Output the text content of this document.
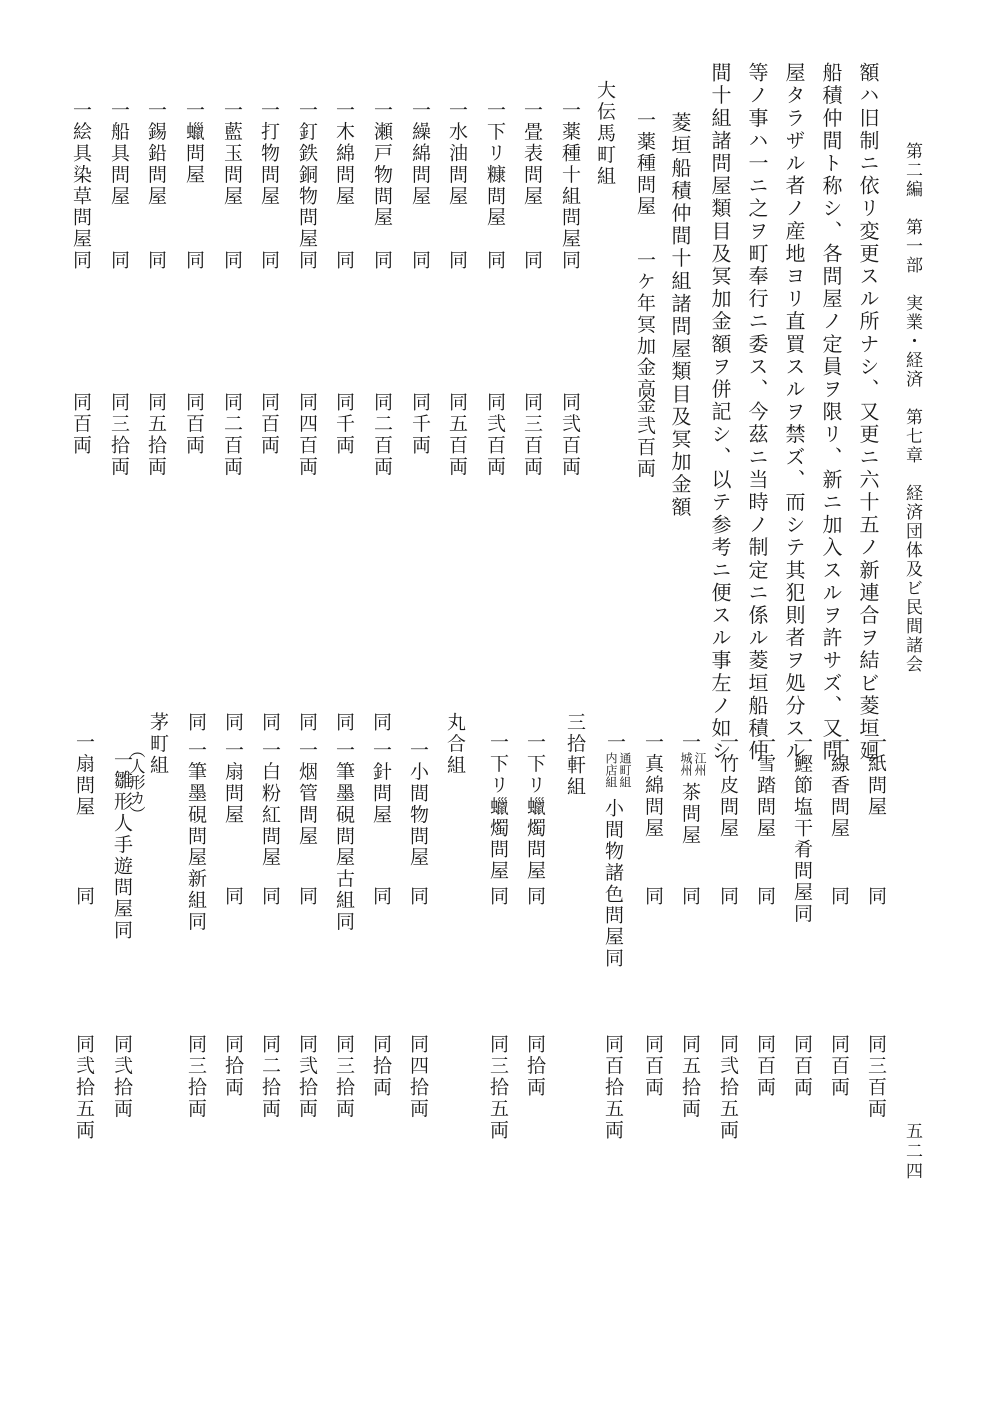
第二編　第一部　実業・経済　第七章　経済団体及ビ民間諸会
五二四
額ハ旧制ニ依リ変更スル所ナシ、又更ニ六十五ノ新連合ヲ結ビ菱垣廻
船積仲間ト称シ、各問屋ノ定員ヲ限リ、新ニ加入スルヲ許サズ、又問
屋タラザル者ノ産地ヨリ直買スルヲ禁ズ、而シテ其犯則者ヲ処分スル
等ノ事ハ一ニ之ヲ町奉行ニ委ス、今茲ニ当時ノ制定ニ係ル菱垣船積仲
間十組諸問屋類目及冥加金額ヲ併記シ、以テ参考ニ便スル事左ノ如シ
菱垣船積仲間十組諸問屋類目及冥加金額
一薬種問屋
一ケ年冥加金高
金弐百両
大伝馬町組
一薬種十組問屋
同
同弐百両
一畳表問屋
同
同三百両
一下リ糠問屋
同
同弐百両
一水油問屋
同
同五百両
一繰綿問屋
同
同千両
一瀬戸物問屋
同
同二百両
一木綿問屋
同
同千両
一釘鉄銅物問屋
同
同四百両
一打物問屋
同
同百両
一藍玉問屋
同
同二百両
一蠟問屋
同
同百両
一錫鉛問屋
同
同五拾両
一船具問屋
同
同三拾両
一絵具染草問屋
同
同百両
一紙問屋
同
同三百両
一線香問屋
同
同百両
一鰹節塩干肴問屋同
同百両
一雪踏問屋
同
同百両
一竹皮問屋
同
同弐拾五両
一
江州
城州
茶問屋
同
同五拾両
一真綿問屋
同
同百両
一
通町組
内店組
小間物諸色問屋同
同百拾五両
三拾軒組
一下リ蠟燭問屋
同
同拾両
一下リ蠟燭問屋
同
同三拾五両
丸合組
一小間物問屋
同
同四拾両
同
一針問屋
同
同拾両
同
一筆墨硯問屋古組同
同三拾両
同
一烟管問屋
同
同弐拾両
同
一白粉紅問屋
同
同二拾両
同
一扇問屋
同
同拾両
同
一筆墨硯問屋新組同
同三拾両
茅町組
一
（人形カ）
雛形人手遊問屋同
同弐拾両
一扇問屋
同
同弐拾五両
